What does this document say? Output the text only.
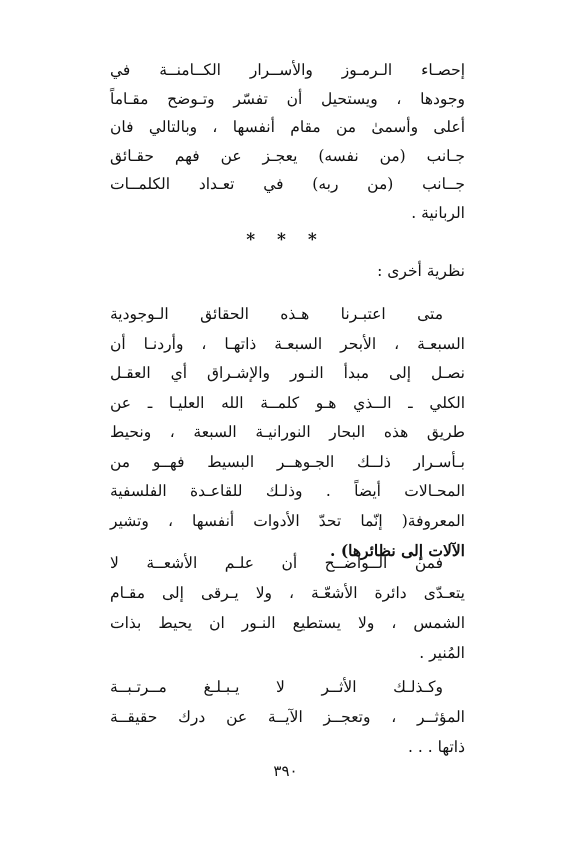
إحصـاء الـرمـوز والأســرار الكــامنــة في
وجودها ، ويستحيل أن تفسّر وتـوضح مقـاماً
أعلى وأسمىٰ من مقام أنفسها ، وبالتالي فان
جـانب (من نفسه) يعجـز عن فهم حقـائق
جــانب (من ربه) في تعـداد الكلمــات
الربانية .
* * *
نظرية أخرى :
متى اعتبـرنا هـذه الحقائق الـوجودية
السبعـة ، الأبحر السبعـة ذاتهـا ، وأردنـا أن
نصـل إلى مبدأ النـور والإشـراق أي العقـل
الكلي ـ الــذي هـو كلمــة الله العليـا ـ عن
طريق هذه البحار النورانيـة السبعة ، ونحيط
بـأسـرار ذلــك الجـوهــر البسيط فهــو من
المحـالات أيضاً . وذلـك للقاعـدة الفلسفية
المعروفة( إنّما تحدّ الأدوات أنفسها ، وتشير
الآلات إلى نظائرها) .
فمن الــواضــح أن علـم الأشعــة لا
يتعـدّى دائرة الأشعّـة ، ولا يـرقى إلى مقـام
الشمس ، ولا يستطيع النـور ان يحيط بذات
المُنير .
وكـذلـك الأثــر لا يـبـلـغ مــرتـبــة
المؤثــر ، وتعجــز الآيــة عن درك حقيقــة
ذاتها . . .
٣٩٠
